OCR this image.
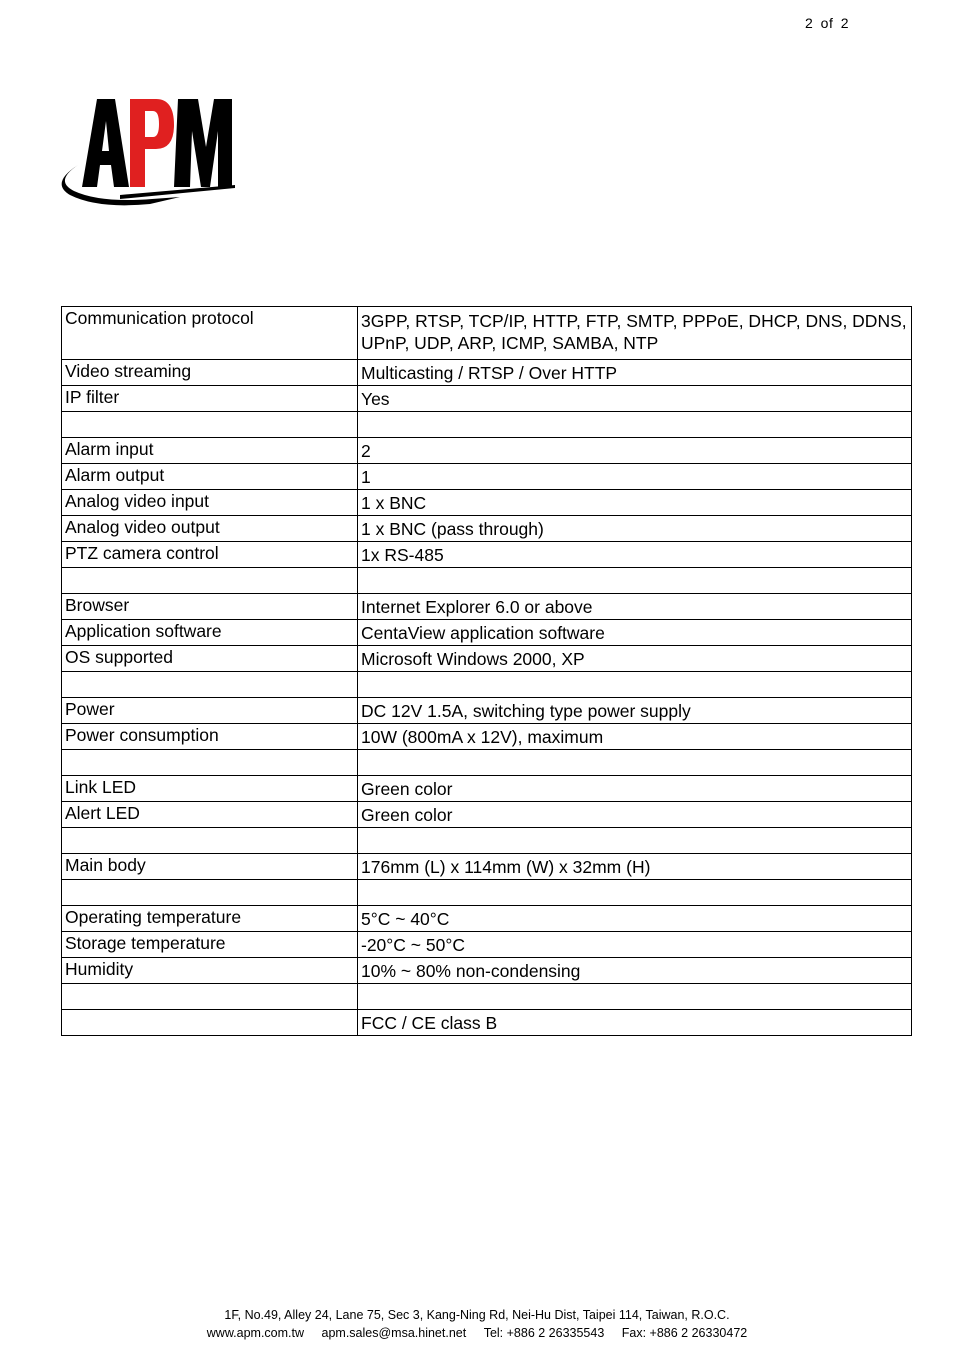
2 of 2
Communication protocol	3GPP, RTSP, TCP/IP, HTTP, FTP, SMTP, PPPoE, DHCP, DNS, DDNS, UPnP, UDP, ARP, ICMP, SAMBA, NTP
Video streaming	Multicasting / RTSP / Over HTTP
IP filter	Yes

Alarm input	2
Alarm output	1
Analog video input	1 x BNC
Analog video output	1 x BNC (pass through)
PTZ camera control	1x RS-485

Browser	Internet Explorer 6.0 or above
Application software	CentaView application software
OS supported	Microsoft Windows 2000, XP

Power	DC 12V 1.5A, switching type power supply
Power consumption	10W (800mA x 12V), maximum

Link LED	Green color
Alert LED	Green color

Main body	176mm (L) x 114mm (W) x 32mm (H)

Operating temperature	5°C ~ 40°C
Storage temperature	-20°C ~ 50°C
Humidity	10% ~ 80% non-condensing

	FCC / CE class B
1F, No.49, Alley 24, Lane 75, Sec 3, Kang-Ning Rd, Nei-Hu Dist, Taipei 114, Taiwan, R.O.C.
www.apm.com.tw apm.sales@msa.hinet.net Tel: +886 2 26335543 Fax: +886 2 26330472
